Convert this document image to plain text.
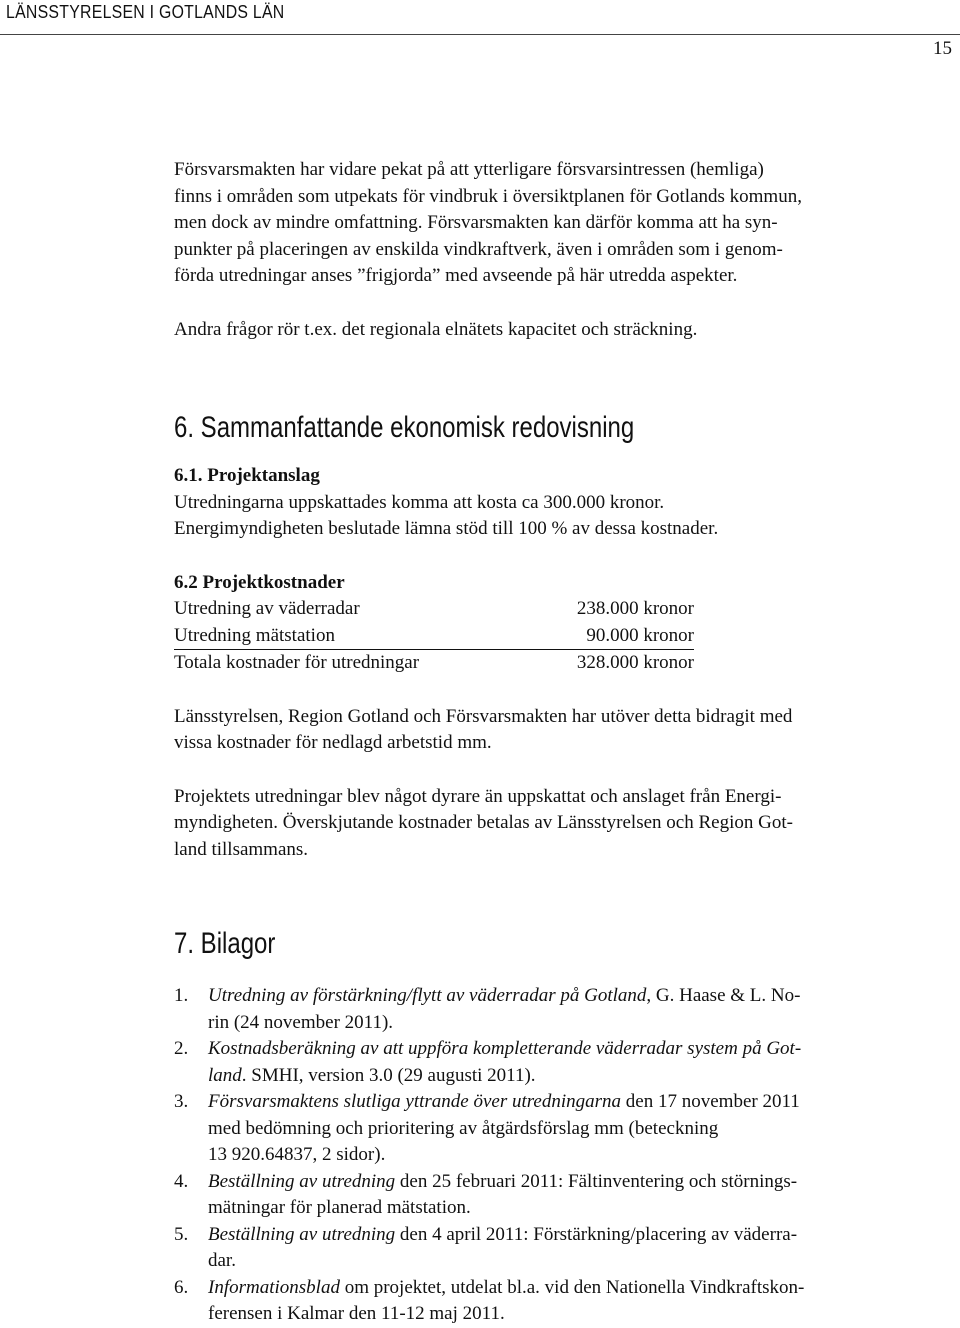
LÄNSSTYRELSEN I GOTLANDS LÄN
15

Försvarsmakten har vidare pekat på att ytterligare försvarsintressen (hemliga)
finns i områden som utpekats för vindbruk i översiktplanen för Gotlands kommun,
men dock av mindre omfattning. Försvarsmakten kan därför komma att ha syn-
punkter på placeringen av enskilda vindkraftverk, även i områden som i genom-
förda utredningar anses ”frigjorda” med avseende på här utredda aspekter.

Andra frågor rör t.ex. det regionala elnätets kapacitet och sträckning.

6. Sammanfattande ekonomisk redovisning

6.1. Projektanslag

Utredningarna uppskattades komma att kosta ca 300.000 kronor.
Energimyndigheten beslutade lämna stöd till 100 % av dessa kostnader.

6.2 Projektkostnader

Utredning av väderradar	238.000 kronor
Utredning mätstation	90.000 kronor
Totala kostnader för utredningar	328.000 kronor

Länsstyrelsen, Region Gotland och Försvarsmakten har utöver detta bidragit med
vissa kostnader för nedlagd arbetstid mm.

Projektets utredningar blev något dyrare än uppskattat och anslaget från Energi-
myndigheten. Överskjutande kostnader betalas av Länsstyrelsen och Region Got-
land tillsammans.

7. Bilagor
1. Utredning av förstärkning/flytt av väderradar på Gotland, G. Haase & L. No-
rin (24 november 2011).
2. Kostnadsberäkning av att uppföra kompletterande väderradar system på Got-
land. SMHI, version 3.0 (29 augusti 2011).
3. Försvarsmaktens slutliga yttrande över utredningarna den 17 november 2011
med bedömning och prioritering av åtgärdsförslag mm (beteckning
13 920.64837, 2 sidor).
4. Beställning av utredning den 25 februari 2011: Fältinventering och störnings-
mätningar för planerad mätstation.
5. Beställning av utredning den 4 april 2011: Förstärkning/placering av väderra-
dar.
6. Informationsblad om projektet, utdelat bl.a. vid den Nationella Vindkraftskon-
ferensen i Kalmar den 11-12 maj 2011.
